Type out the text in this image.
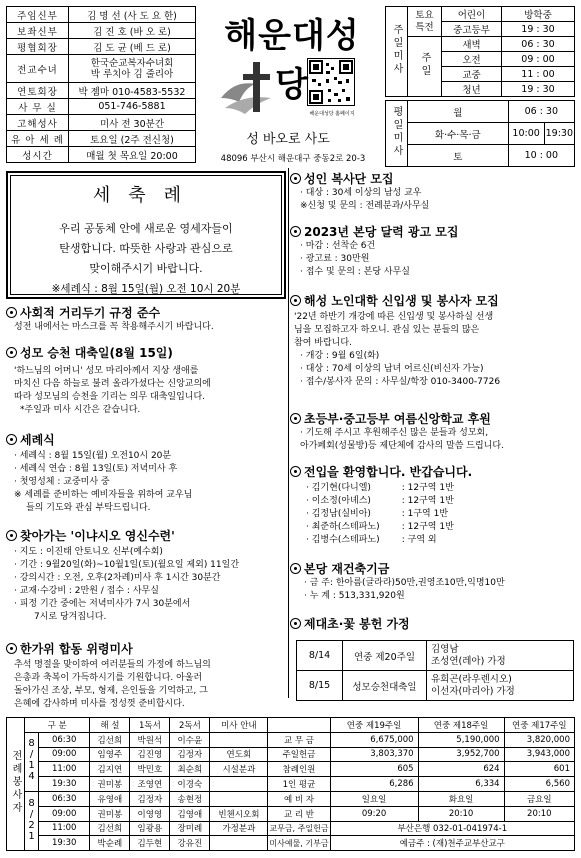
주임신부	김 명 선 (사 도 요 한)
보좌신부	김 진 호 (바 오 로)
평협회장	김 도 균 (베 드 로)
전교수녀	한국순교복자수녀회
박 루치아 김 줄리아

연토회장	박 젬마 010-4583-5532
사 무 실	051-746-5881
고해성사	미사 전 30분간
유 아 세 례	토요일 (2주 전신청)
성시간	매월 첫 목요일 20:00
해운대성당
해운대성당 홈페이지
성 바오로 사도
48096 부산시 해운대구 중동2로 20-3
주일미사	토요
특전	어린이	방학중
		중고등부	19 : 30
	주일	새벽	06 : 30
		오전	09 : 00
		교중	11 : 00
		청년	19 : 30
평일미사	월	06 : 30	
	화·수·목·금	10:00	19:30
	토	10 : 00	
세축례
우리 공동체 안에 새로운 영세자들이
탄생합니다. 따뜻한 사랑과 관심으로
맞이해주시기 바랍니다.
※세례식 : 8월 15일(월) 오전 10시 20분
사회적 거리두기 규정 준수
성전 내에서는 마스크를 꼭 착용해주시기 바랍니다.
성모 승천 대축일(8월 15일)
'하느님의 어머니' 성모 마리아께서 지상 생애를
마치신 다음 하늘로 불려 올라가셨다는 신앙교의에
따라 성모님의 승천을 기리는 의무 대축일입니다.
*주일과 미사 시간은 같습니다.
세례식
· 세례식 : 8월 15일(월) 오전10시 20분
· 세례식 연습 : 8월 13일(토) 저녁미사 후
· 첫영성체 : 교중미사 중
※ 세례를 준비하는 예비자들을 위하여 교우님
들의 기도와 관심 부탁드립니다.
찾아가는 '이냐시오 영신수련'
· 지도 : 이진태 안토니오 신부(예수회)
· 기간 : 9월20일(화)~10월1일(토)(월요일 제외) 11일간
· 강의시간 : 오전, 오후(2차례)미사 후 1시간 30분간
· 교재·수강비 : 2만원 / 접수 : 사무실
· 피정 기간 중에는 저녁미사가 7시 30분에서
7시로 당겨집니다.
한가위 합동 위령미사
추석 명절을 맞이하여 여러분들의 가정에 하느님의
은총과 축복이 가득하시기를 기원합니다. 아울러
돌아가신 조상, 부모, 형제, 은인들을 기억하고, 그
은혜에 감사하며 미사를 정성껏 준비합시다.
성인 복사단 모집
· 대상 : 30세 이상의 남성 교우
※신청 및 문의 : 전례분과/사무실
2023년 본당 달력 광고 모집
· 마감 : 선착순 6건
· 광고료 : 30만원
· 접수 및 문의 : 본당 사무실
해성 노인대학 신입생 및 봉사자 모집
'22년 하반기 개강에 따른 신입생 및 봉사하실 선생
님을 모집하고자 하오니. 관심 있는 분들의 많은
참여 바랍니다.
· 개강 : 9월 6일(화)
· 대상 : 70세 이상의 남녀 어르신(비신자 가능)
· 접수/봉사자 문의 : 사무실/학장 010-3400-7726
초등부·중고등부 여름신앙학교 후원
· 기도해 주시고 후원해주신 많은 분들과 성모회,
아가페회(성물방)등 제단체에 감사의 말씀 드립니다.
전입을 환영합니다. 반갑습니다.
· 김기현(다니엘)	: 12구역 1반
· 이소정(아녜스)	: 12구역 1반
· 김정남(실비아)	: 1구역 1반
· 최준하(스테파노) : 12구역 1반
· 김병수(스테파노) : 구역 외
본당 재건축기금
· 금 주: 한아름(글라라)50만,권영조10만,익명10만
· 누 계 : 513,331,920원
제대초·꽃 봉헌 가정
8/14	연중 제20주일	김영남
조성연(레아) 가정

8/15	성모승천대축일	유희곤(라우렌시오)
이선자(마리아) 가정
전례봉사자	구 분		해 설	1독서	2독서	미사 안내		연중 제19주일	연중 제18주일	연중 제17주일
	8/14	06:30	김선희	박원석	이수윤		교 무 금	6,675,000	5,190,000	3,820,000
		09:00	임영주	김진영	김정자	연도회	주일헌금	3,803,370	3,952,700	3,943,000
		11:00	김지연	박민호	최순희	시설분과	참례인원	605	624	601
		19:30	권미봉	조영연	이경숙		1인 평균	6,286	6,334	6,560
	8/21	06:30	유영애	김정자	송현정		예 비 자	일요일	화요일	금요일
		09:00	권미봉	이영영	김영애	빈첸시오회	교 리 반	09:20	20:10	20:10
		11:00	김선희	임광용	장미례	가정분과	교무금, 주일헌금	부산은행 032-01-041974-1		
		19:30	박순례	김두현	강유진		미사예물, 기부금	예금주 : (재)천주교부산교구		
